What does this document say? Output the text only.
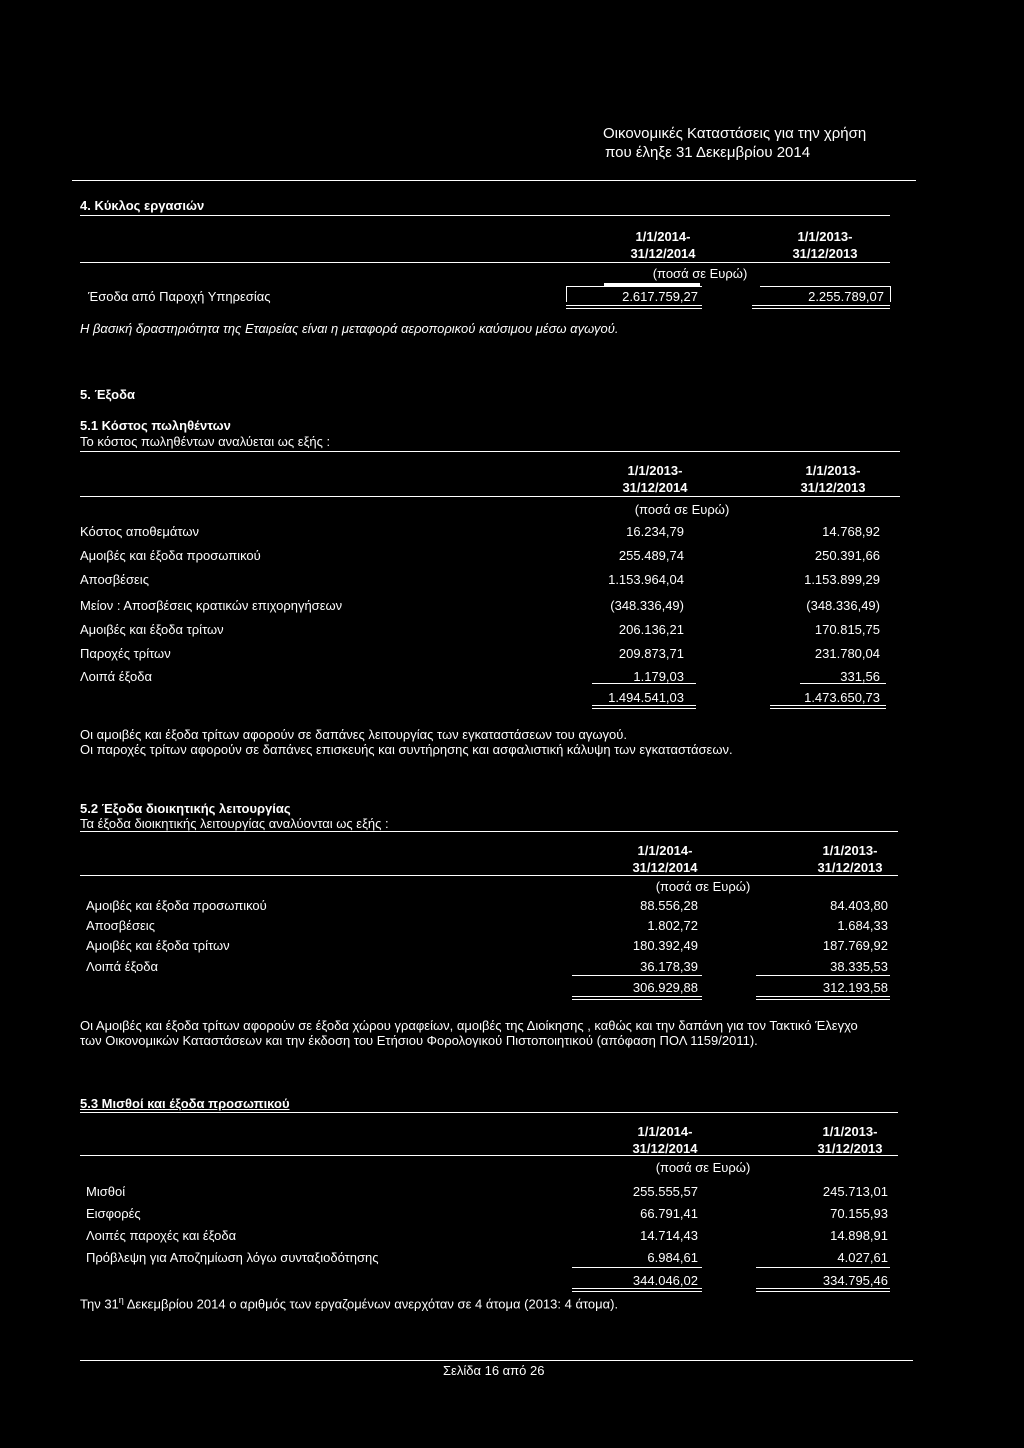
Οικονομικές Καταστάσεις για την χρήση
που έληξε 31 Δεκεμβρίου 2014
4. Κύκλος εργασιών
1/1/2014-
31/12/2014
1/1/2013-
31/12/2013
(ποσά σε Ευρώ)
Έσοδα από Παροχή Υπηρεσίας	2.617.759,27	2.255.789,07
Η βασική δραστηριότητα της Εταιρείας είναι η μεταφορά αεροπορικού καύσιμου μέσω αγωγού.
5. Έξοδα
5.1 Κόστος πωληθέντων
Το κόστος πωληθέντων αναλύεται ως εξής :
1/1/2013-
31/12/2014
1/1/2013-
31/12/2013
(ποσά σε Ευρώ)
Κόστος αποθεμάτων	16.234,79	14.768,92
Αμοιβές και έξοδα προσωπικού	255.489,74	250.391,66
Αποσβέσεις	1.153.964,04	1.153.899,29
Μείον : Αποσβέσεις κρατικών επιχορηγήσεων	(348.336,49)	(348.336,49)
Αμοιβές και έξοδα τρίτων	206.136,21	170.815,75
Παροχές τρίτων	209.873,71	231.780,04
Λοιπά έξοδα	1.179,03	331,56
1.494.541,03	1.473.650,73
Οι αμοιβές και έξοδα τρίτων αφορούν σε δαπάνες λειτουργίας των εγκαταστάσεων του αγωγού.
Οι παροχές τρίτων αφορούν σε δαπάνες επισκευής και συντήρησης και ασφαλιστική κάλυψη των εγκαταστάσεων.
5.2 Έξοδα διοικητικής λειτουργίας
Τα έξοδα διοικητικής λειτουργίας αναλύονται ως εξής :
1/1/2014-
31/12/2014
1/1/2013-
31/12/2013
(ποσά σε Ευρώ)
Αμοιβές και έξοδα προσωπικού	88.556,28	84.403,80
Αποσβέσεις	1.802,72	1.684,33
Αμοιβές και έξοδα τρίτων	180.392,49	187.769,92
Λοιπά έξοδα	36.178,39	38.335,53
306.929,88	312.193,58
Οι Αμοιβές και έξοδα τρίτων αφορούν σε έξοδα χώρου γραφείων, αμοιβές της Διοίκησης , καθώς και την δαπάνη για τον Τακτικό Έλεγχο
των Οικονομικών Καταστάσεων και την έκδοση του Ετήσιου Φορολογικού Πιστοποιητικού (απόφαση ΠΟΛ 1159/2011).
5.3 Μισθοί και έξοδα προσωπικού
1/1/2014-
31/12/2014
1/1/2013-
31/12/2013
(ποσά σε Ευρώ)
Μισθοί	255.555,57	245.713,01
Εισφορές	66.791,41	70.155,93
Λοιπές παροχές και έξοδα	14.714,43	14.898,91
Πρόβλεψη για Αποζημίωση λόγω συνταξιοδότησης	6.984,61	4.027,61
344.046,02	334.795,46
Την $31^\eta$ Δεκεμβρίου 2014 ο αριθμός των εργαζομένων ανερχόταν σε 4 άτομα (2013: 4 άτομα).
Σελίδα 16 από 26
